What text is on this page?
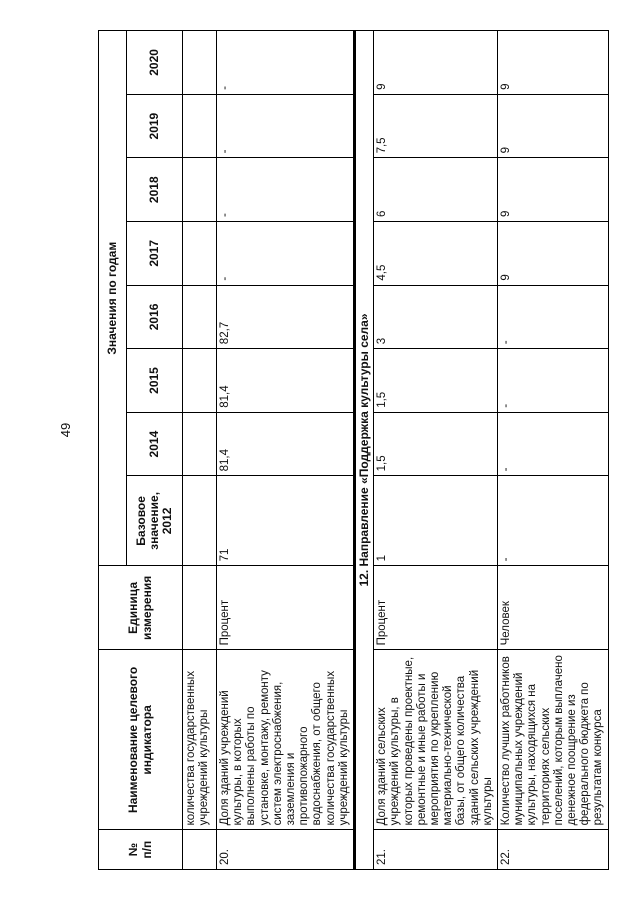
49
№
п/п	Наименование целевого индикатора	Единица измерения	Значения по годам							
			Базовое значение, 2012	2014	2015	2016	2017	2018	2019	2020
	количества государственных учреждений культуры									
20.	Доля зданий учреждений культуры, в которых выполнены работы по установке, монтажу, ремонту систем электроснабжения, заземления и противопожарного водоснабжения, от общего количества государственных учреждений культуры	Процент	71	81,4	81,4	82,7	-	-	-	-
12. Направление «Поддержка культуры села»										
21.	Доля зданий сельских учреждений культуры, в которых проведены проектные, ремонтные и иные работы и мероприятия по укреплению материально-технической базы, от общего количества зданий сельских учреждений культуры	Процент	1	1,5	1,5	3	4,5	6	7,5	9
22.	Количество лучших работников муниципальных учреждений культуры, находящихся на территориях сельских поселений, которым выплачено денежное поощрение из федерального бюджета по результатам конкурса	Человек	-	-	-	-	9	9	9	9
